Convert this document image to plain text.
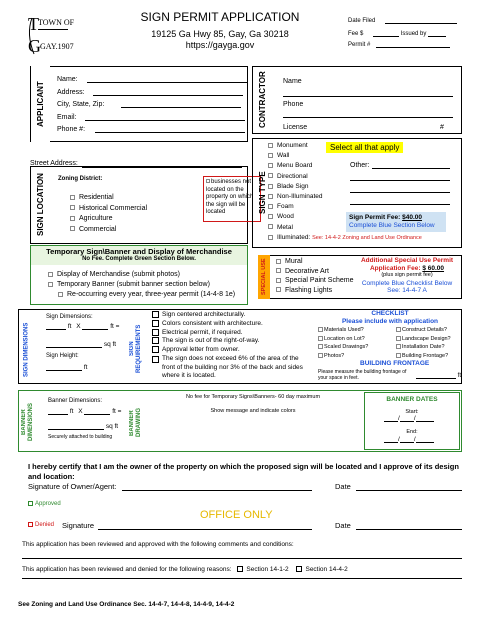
T
G
TOWN OF
GAY.1907
SIGN PERMIT APPLICATION
19125 Ga Hwy 85, Gay, Ga 30218
https://gayga.gov
Date Filed
Fee $	Issued by
Permit #
APPLICANT
Name:
Address:
City, State, Zip:
Email:
Phone #:
CONTRACTOR	Name
Phone
License	#
Street Address:
SIGN LOCATION	Zoning District:
Residential
Historical Commercial
Agriculture
Commercial
businesses not located on the property on which the sign will be located	SIGN TYPE
Monument
Wall
Menu Board
Directional
Blade Sign
Non-Illuminated
Foam
Wood
Metal
Illuminated: See: 14-4-2 Zoning and Land Use Ordinance
Select all that apply
Other:
Sign Permit Fee: $40.00
Complete Blue Section Below
Temporary Sign\Banner and Display of Merchandise
No Fee. Complete Green Section Below.
Display of Merchandise (submit photos)
Temporary Banner (submit banner section below)
Re-occurring every year, three-year permit (14-4-8 1e)	SPECIAL USE	Mural
Decorative Art
Special Paint Scheme
Flashing Lights
Additional Special Use Permit
Application Fee: $ 60.00
(plus sign permit fee)
Complete Blue Checklist Below
See: 14-4-7 A
SIGN DIMENSIONS
Sign Dimensions:
ft X	ft =
sq ft
Sign Height:
ft
SIGN REQUIREMENTS
Sign centered architecturally.
Colors consistent with architecture.
Electrical permit, if required.
The sign is out of the right-of-way.
Approval letter from owner.
The sign does not exceed 6% of the area of the front of the building nor 3% of the back and sides where it is located.
CHECKLIST
Please include with application
Materials Used?
Location on Lot?
Scaled Drawings?
Photos?
Construct Details?
Landscape Design?
Installation Date?
Building Frontage?
BUILDING FRONTAGE
Please measure the building frontage of your space in feet.	ft
BANNER DIMENSIONS
Banner Dimensions:
ft X	ft =
sq ft
Securely attached to building
BANNER DRAWING
No fee for Temporary Signs\Banners- 60 day maximum
Show message and indicate colors
BANNER DATES
Start:
/ /
End:
/ /
I hereby certify that I am the owner of the property on which the proposed sign will be located and I approve of its design and location:
Signature of Owner/Agent:	Date
Approved
OFFICE ONLY
Denied Signature	Date
This application has been reviewed and approved with the following comments and conditions:
This application has been reviewed and denied for the following reasons: Section 14-1-2	Section 14-4-2
See Zoning and Land Use Ordinance Sec. 14-4-7, 14-4-8, 14-4-9, 14-4-2
